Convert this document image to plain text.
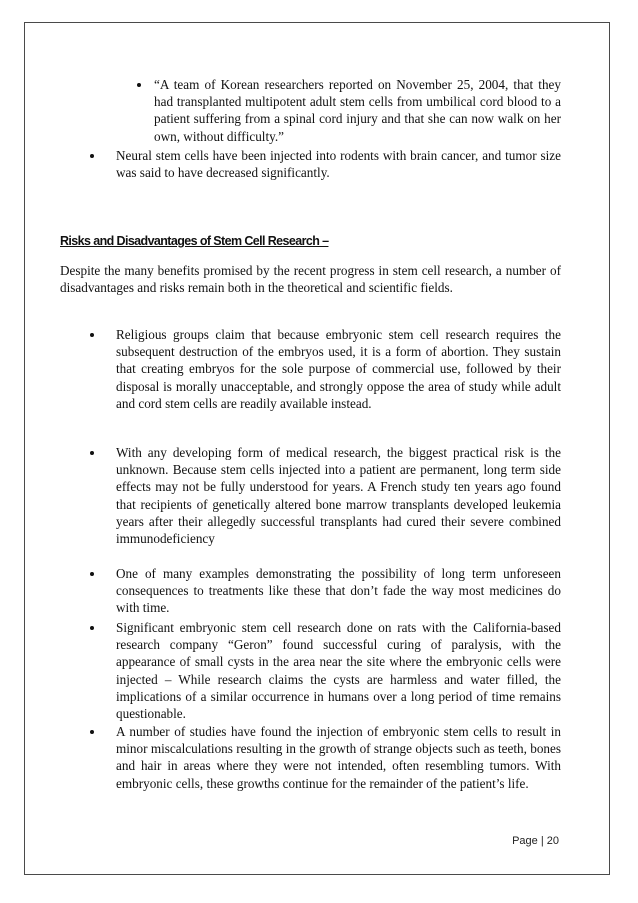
“A team of Korean researchers reported on November 25, 2004, that they had transplanted multipotent adult stem cells from umbilical cord blood to a patient suffering from a spinal cord injury and that she can now walk on her own, without difficulty.”

Neural stem cells have been injected into rodents with brain cancer, and tumor size was said to have decreased significantly.

Risks and Disadvantages of Stem Cell Research –

Despite the many benefits promised by the recent progress in stem cell research, a number of disadvantages and risks remain both in the theoretical and scientific fields.

Religious groups claim that because embryonic stem cell research requires the subsequent destruction of the embryos used, it is a form of abortion. They sustain that creating embryos for the sole purpose of commercial use, followed by their disposal is morally unacceptable, and strongly oppose the area of study while adult and cord stem cells are readily available instead.

With any developing form of medical research, the biggest practical risk is the unknown. Because stem cells injected into a patient are permanent, long term side effects may not be fully understood for years. A French study ten years ago found that recipients of genetically altered bone marrow transplants developed leukemia years after their allegedly successful transplants had cured their severe combined immunodeficiency

One of many examples demonstrating the possibility of long term unforeseen consequences to treatments like these that don’t fade the way most medicines do with time.

Significant embryonic stem cell research done on rats with the California-based research company “Geron” found successful curing of paralysis, with the appearance of small cysts in the area near the site where the embryonic cells were injected – While research claims the cysts are harmless and water filled, the implications of a similar occurrence in humans over a long period of time remains questionable.

A number of studies have found the injection of embryonic stem cells to result in minor miscalculations resulting in the growth of strange objects such as teeth, bones and hair in areas where they were not intended, often resembling tumors. With embryonic cells, these growths continue for the remainder of the patient’s life.

Page | 20
